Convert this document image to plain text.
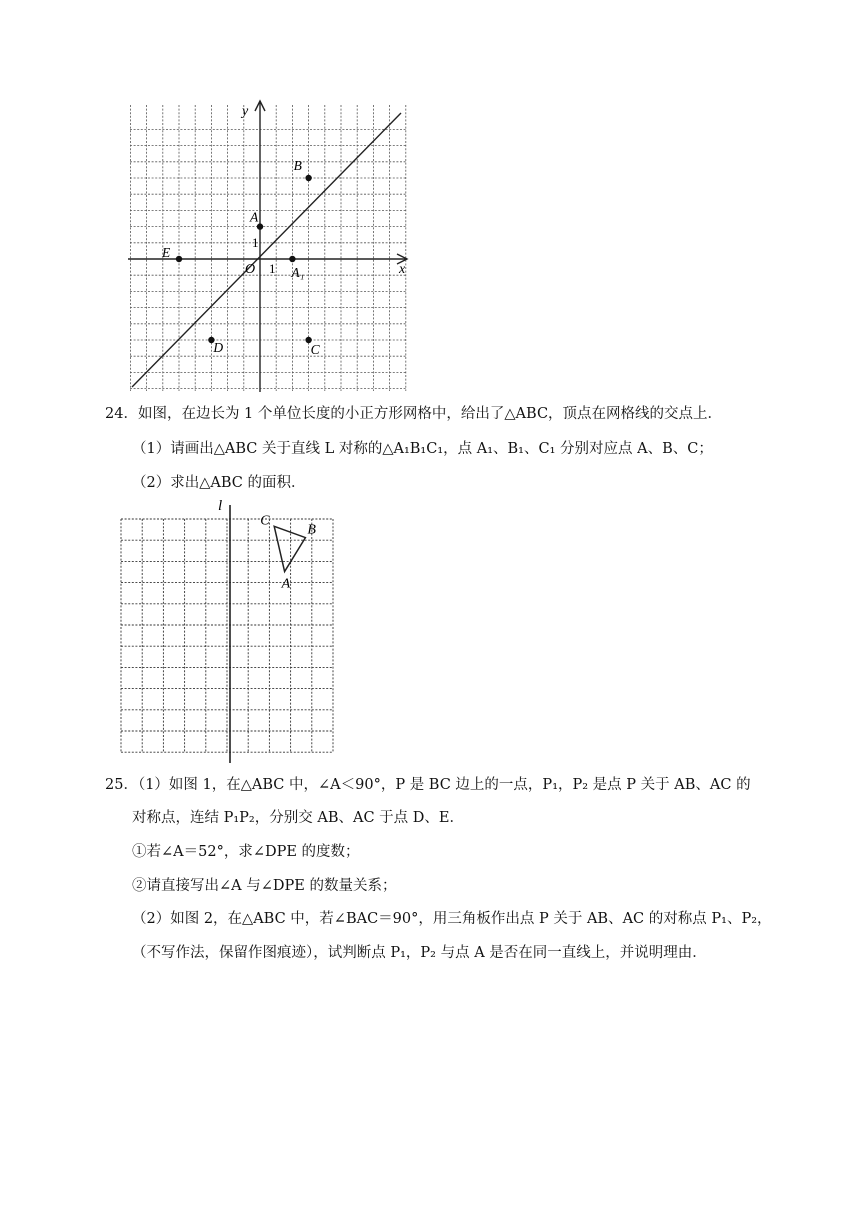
x
y
O 1
1
A
A₁
B
C
D
E
24．如图，在边长为 1 个单位长度的小正方形网格中，给出了△ABC，顶点在网格线的交点上．
（1）请画出△ABC 关于直线 L 对称的△A₁B₁C₁，点 A₁、B₁、C₁ 分别对应点 A、B、C；
（2）求出△ABC 的面积．
l
C
B
A
25．（1）如图 1，在△ABC 中，∠A＜90°，P 是 BC 边上的一点，P₁，P₂ 是点 P 关于 AB、AC 的
对称点，连结 P₁P₂，分别交 AB、AC 于点 D、E．
①若∠A＝52°，求∠DPE 的度数；
②请直接写出∠A 与∠DPE 的数量关系；
（2）如图 2，在△ABC 中，若∠BAC＝90°，用三角板作出点 P 关于 AB、AC 的对称点 P₁、P₂，
（不写作法，保留作图痕迹），试判断点 P₁，P₂ 与点 A 是否在同一直线上，并说明理由．
